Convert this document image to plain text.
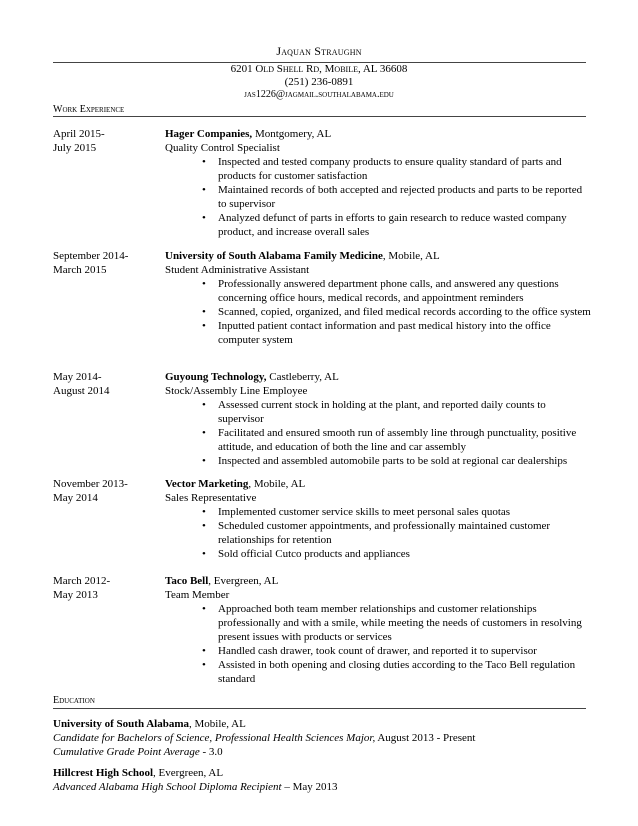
Jaquan Straughn
6201 Old Shell Rd, Mobile, AL 36608
(251) 236-0891
jas1226@jagmail.southalabama.edu
Work Experience
April 2015-
July 2015
Hager Companies, Montgomery, AL
Quality Control Specialist
• Inspected and tested company products to ensure quality standard of parts and products for customer satisfaction
• Maintained records of both accepted and rejected products and parts to be reported to supervisor
• Analyzed defunct of parts in efforts to gain research to reduce wasted company product, and increase overall sales
September 2014-
March 2015
University of South Alabama Family Medicine, Mobile, AL
Student Administrative Assistant
• Professionally answered department phone calls, and answered any questions concerning office hours, medical records, and appointment reminders
• Scanned, copied, organized, and filed medical records according to the office system
• Inputted patient contact information and past medical history into the office computer system
May 2014-
August 2014
Guyoung Technology, Castleberry, AL
Stock/Assembly Line Employee
• Assessed current stock in holding at the plant, and reported daily counts to supervisor
• Facilitated and ensured smooth run of assembly line through punctuality, positive attitude, and education of both the line and car assembly
• Inspected and assembled automobile parts to be sold at regional car dealerships
November 2013-
May 2014
Vector Marketing, Mobile, AL
Sales Representative
• Implemented customer service skills to meet personal sales quotas
• Scheduled customer appointments, and professionally maintained customer relationships for retention
• Sold official Cutco products and appliances
March 2012-
May 2013
Taco Bell, Evergreen, AL
Team Member
• Approached both team member relationships and customer relationships professionally and with a smile, while meeting the needs of customers in resolving present issues with products or services
• Handled cash drawer, took count of drawer, and reported it to supervisor
• Assisted in both opening and closing duties according to the Taco Bell regulation standard
Education
University of South Alabama, Mobile, AL
Candidate for Bachelors of Science, Professional Health Sciences Major, August 2013 - Present
Cumulative Grade Point Average - 3.0
Hillcrest High School, Evergreen, AL
Advanced Alabama High School Diploma Recipient – May 2013
